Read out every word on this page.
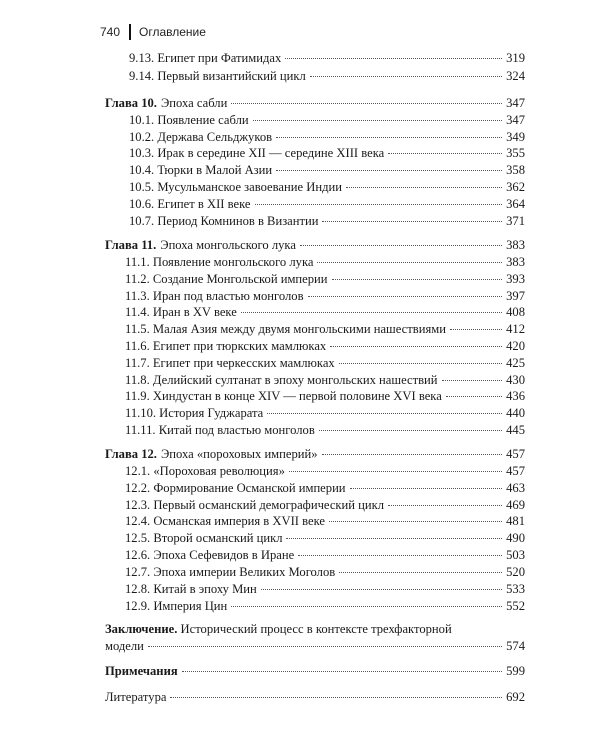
740 Оглавление
9.13. Египет при Фатимидах	319
9.14. Первый византийский цикл	324
Глава 10. Эпоха сабли	347
10.1. Появление сабли	347
10.2. Держава Сельджуков	349
10.3. Ирак в середине XII — середине XIII века	355
10.4. Тюрки в Малой Азии	358
10.5. Мусульманское завоевание Индии	362
10.6. Египет в XII веке	364
10.7. Период Комнинов в Византии	371
Глава 11. Эпоха монгольского лука	383
11.1. Появление монгольского лука	383
11.2. Создание Монгольской империи	393
11.3. Иран под властью монголов	397
11.4. Иран в XV веке	408
11.5. Малая Азия между двумя монгольскими нашествиями	412
11.6. Египет при тюркских мамлюках	420
11.7. Египет при черкесских мамлюках	425
11.8. Делийский султанат в эпоху монгольских нашествий	430
11.9. Хиндустан в конце XIV — первой половине XVI века	436
11.10. История Гуджарата	440
11.11. Китай под властью монголов	445
Глава 12. Эпоха «пороховых империй»	457
12.1. «Пороховая революция»	457
12.2. Формирование Османской империи	463
12.3. Первый османский демографический цикл	469
12.4. Османская империя в XVII веке	481
12.5. Второй османский цикл	490
12.6. Эпоха Сефевидов в Иране	503
12.7. Эпоха империи Великих Моголов	520
12.8. Китай в эпоху Мин	533
12.9. Империя Цин	552
Заключение. Исторический процесс в контексте трехфакторной
модели	574
Примечания	599
Литература	692
